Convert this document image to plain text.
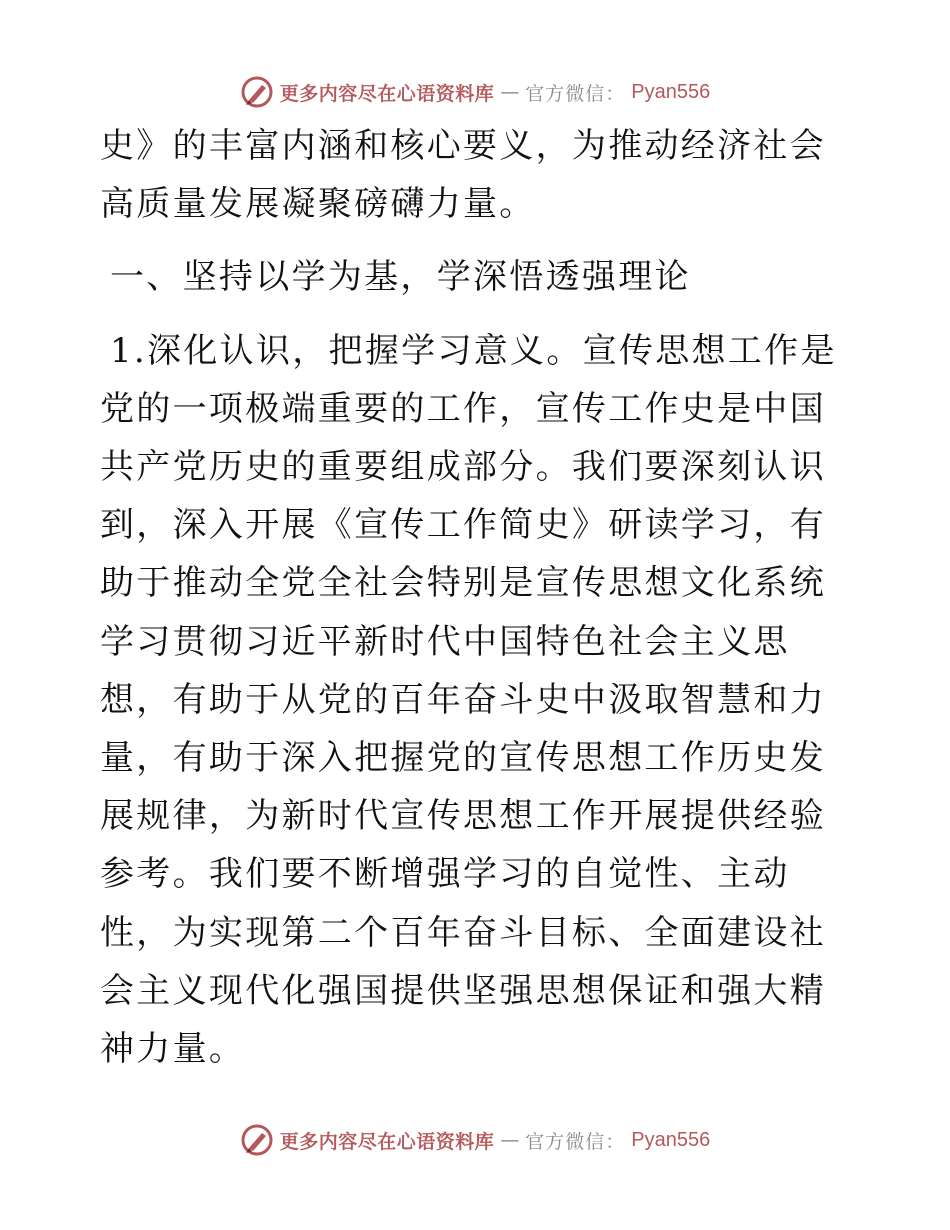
更多内容尽在心语资料库 — 官方微信： Pyan556

史》的丰富内涵和核心要义，为推动经济社会高质量发展凝聚磅礴力量。

一、坚持以学为基，学深悟透强理论

1.深化认识，把握学习意义。宣传思想工作是党的一项极端重要的工作，宣传工作史是中国共产党历史的重要组成部分。我们要深刻认识到，深入开展《宣传工作简史》研读学习，有助于推动全党全社会特别是宣传思想文化系统学习贯彻习近平新时代中国特色社会主义思想，有助于从党的百年奋斗史中汲取智慧和力量，有助于深入把握党的宣传思想工作历史发展规律，为新时代宣传思想工作开展提供经验参考。我们要不断增强学习的自觉性、主动性，为实现第二个百年奋斗目标、全面建设社会主义现代化强国提供坚强思想保证和强大精神力量。

更多内容尽在心语资料库 — 官方微信： Pyan556
